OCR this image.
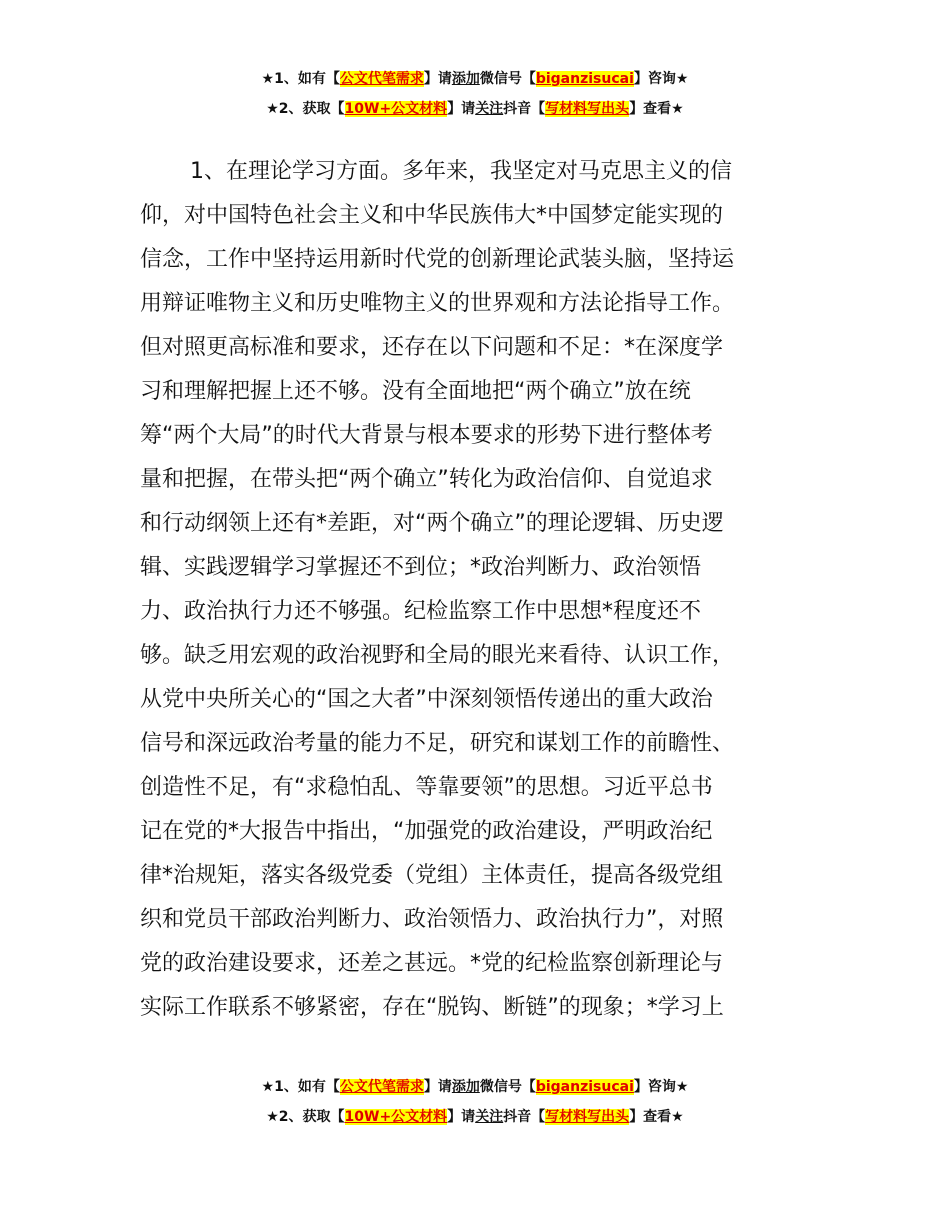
★1、如有【公文代笔需求】请添加微信号【biganzisucai】咨询★
★2、获取【10W+公文材料】请关注抖音【写材料写出头】查看★
1、在理论学习方面。多年来，我坚定对马克思主义的信
仰，对中国特色社会主义和中华民族伟大*中国梦定能实现的
信念，工作中坚持运用新时代党的创新理论武装头脑，坚持运
用辩证唯物主义和历史唯物主义的世界观和方法论指导工作。
但对照更高标准和要求，还存在以下问题和不足：*在深度学
习和理解把握上还不够。没有全面地把“两个确立”放在统
筹“两个大局”的时代大背景与根本要求的形势下进行整体考
量和把握，在带头把“两个确立”转化为政治信仰、自觉追求
和行动纲领上还有*差距，对“两个确立”的理论逻辑、历史逻
辑、实践逻辑学习掌握还不到位；*政治判断力、政治领悟
力、政治执行力还不够强。纪检监察工作中思想*程度还不
够。缺乏用宏观的政治视野和全局的眼光来看待、认识工作，
从党中央所关心的“国之大者”中深刻领悟传递出的重大政治
信号和深远政治考量的能力不足，研究和谋划工作的前瞻性、
创造性不足，有“求稳怕乱、等靠要领”的思想。习近平总书
记在党的*大报告中指出，“加强党的政治建设，严明政治纪
律*治规矩，落实各级党委（党组）主体责任，提高各级党组
织和党员干部政治判断力、政治领悟力、政治执行力”，对照
党的政治建设要求，还差之甚远。*党的纪检监察创新理论与
实际工作联系不够紧密，存在“脱钩、断链”的现象；*学习上
★1、如有【公文代笔需求】请添加微信号【biganzisucai】咨询★
★2、获取【10W+公文材料】请关注抖音【写材料写出头】查看★
